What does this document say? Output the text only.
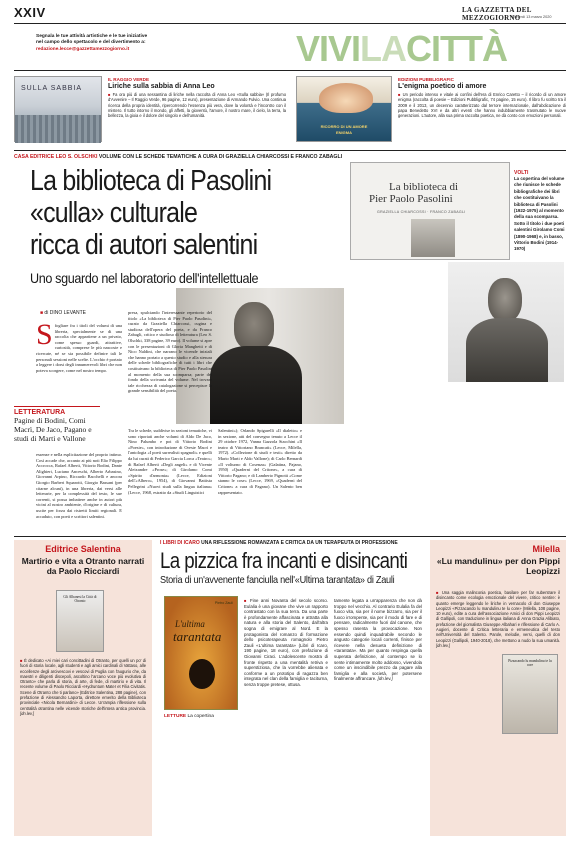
XXIV	LA GAZZETTA DEL MEZZOGIORNO
Venerdì 13 marzo 2020
Segnala le tue attività artistiche e le tue iniziative
nel campo dello spettacolo e del divertimento a:
redazione.lecce@gazzettamezzogiorno.it	VIVILACITTÀ
SULLA SABBIA
IL RAGGIO VERDE
Liriche sulla sabbia di Anna Leo

■ Fa ora più di una sessantina di liriche nella raccolta di Anna Leo «Sulla sabbia» (Il profumo d'Avvenire – Il Raggio Verde, 96 pagine, 12 euro), presentazione di Armando Fulvio. Una continua ricerca della propria identità, ripercorrendo l'essenza più vera, dove la volontà e l'incontro con il mistero. Il tutto intorno il mondo, gli affetti, la gioventù, l'amore, il nostro mare, il cielo, la terra, la bellezza, la gioia e il dolore del singolo e dell'umanità.

RICORRO DI UN AMORE
ENIGMA
EDIZIONI PUBBLIGRAFIC
L'enigma poetico di amore

■ Un periodo intenso e vitale ai confini dell'era di Enrico Caretto – il ricordo di un amore enigma (raccolta di poesie – Edizioni Pubbligrafic, 74 pagine, 15 euro). Il libro fu scritto tra il 2009 e il 2013, un decennio caratterizzato dal terrore internazionale, dall'abdicazione di papa Benedetto XVI e da altri eventi che hanno indubbiamente trasmutato le nuove generazioni. L'autore, alla sua prima raccolta poetica, ne dà conto con emozioni personali.

CASA EDITRICE LEO S. OLSCHKI VOLUME CON LE SCHEDE TEMATICHE A CURA DI GRAZIELLA CHIARCOSSI E FRANCO ZABAGLI
La biblioteca di Pasolini
«culla» culturale
ricca di autori salentini
Uno sguardo nel laboratorio dell'intellettuale
La biblioteca di
Pier Paolo Pasolini
GRAZIELLA CHIARCOSSI · FRANCO ZABAGLI
VOLTI
La copertina del volume che riunisce le schede bibliografiche dei libri che costituivano la biblioteca di Pasolini (1922-1975) al momento della sua scomparsa. Sotto il titolo i due poeti salentini Girolamo Comi (1890-1968) e, in basso, Vittorio Bodini (1914-1970)
■ di DINO LEVANTE
S fogliare fra i titoli del volumi di una libreria, specialmente se di una raccolta che appartiene a un privato, come spesso guardi, attrattive, curiosità, comprese le più nascoste e ricercate, né se sia possibile definire tali le personali sessioni nelle scelte. L'occhio è portato a leggere i dorsi degli innumerevoli libri che non poteva scorgere, come nel nostro tempo.

essenze e nella esplicitazione del proprio intimo. Così accade che, accanto ai più noti Elio Filippo Accrocca, Rafael Alberti, Vittorio Bodini, Dante Alighieri, Luciano Anceschi, Alberto Arbasino, Giovanni Arpino, Riccardo Bacchelli e ancora Giorgio Barberi Squarotti, Giorgio Bassani (per citarne alcuni), in una libreria, dai versi alle letterarie, per la complessità del testo, le sue correnti, si possa imbattere anche in autori più vicini al nostro ambiente, d'origine e di cultura, uscite per forza dai ristretti limiti regionali. E accaduto, con poeti e scrittori salentini.

LETTERATURA
Pagine di Bodini, Comi Macrì, De Jaco, Pagano e studi di Marti e Vallone

presa, spulciando l'interessante repertorio del titolo «La biblioteca di Pier Paolo Pasolini», curato da Graziella Chiarcossi, cugina e studiosa dell'opera del poeta, e da Franco Zabagli, critico e studioso di letteratura (Leo S. Olschki, 338 pagine, 39 euro). Il volume si apre con le presentazioni di Gloria Manghetti e di Nico Naldini, che narrano le vicende iniziali che hanno portato a questo studio e alla stesura delle schede bibliografiche di tutti i libri che costituivano la biblioteca di Pier Paolo Pasolini al momento della sua scomparsa; parte del fondo della scrivania del volume. Nel trovare tale ricchezza di catalogazione si percepisce la grande sensibilità del poeta.

Tra le schede, suddivise in sezioni tematiche, vi sono riportati anche volumi di Aldo De Jaco, Nino Palumbo e poi di Vittorio Bodini «Poesie», con introduzione di Oreste Macrì e l'antologia «I poeti surrealisti spagnoli» e quelli da lui curati di Federico Garcia Lorca «Teatro»; di Rafael Alberti «Degli angeli» e di Vicente Aleixandre «Prose»; di Girolamo Comi «Spirito d'armonia» (Lecce, Edizioni dell'«Albero», 1954), di Giovanni Battista Pellegrini «Nuovi studi sulla lingua italiana» (Lecce, 1968, estratto da «Studi Linguistici

Salentini»); Orlando Spigarelli «Il dialetto» e in sezione, atti del convegno tenuto a Lecce il 29 ottobre 1972, Vanna Gazzola Stacchini «Il teatro di Vittoriano Brancati» (Lecce, Milella, 1972). «Collezione di studi e testi» diretto da Mario Marti e Aldo Vallone); di Carlo Bernardi «Il volturno di Cosenza» (Galatina, Pajano, 1950) «Quaderni del Critone», a cura di Vittorio Pagano; e di Lamberto Pignotti «Come stanno le cose» (Lecce, 1969, «Quaderni del Critone» a cura di Pagano). Un Salento ben rappresentato.

Editrice Salentina
Martirio e vita a Otranto narrati da Paolo Ricciardi
Gli Albanesi la Città di Otranto

■ È dedicato «Ai miei cari concittadini di Otranto, per quelli un po' di fuori di storia locale, agli studenti e agli amici cardinali di Vattaso, alle eccellenze degli arcivescovi e vescovi di Puglia con l'augurio che, da maestri e diligenti discepoli, ascoltino l'arcano voce più evolutiva di Otranto» che parla di storia, di arte, di fede, di martirio e di vita. Il recente volume di Paolo Ricciardi «Hydruntum Mater et Filia Civitatis. Scene di Otranto che ti parlano» (Editrice Salentina, 288 pagine), con prefazione di Alessandro Laporta, direttore emerito della Biblioteca provinciale «Nicola Bernardini» di Lecce. Un'ampia riflessione sulla centralità otrantina nelle vicende storiche dell'intera antica provincia. [dn.lev.]

I LIBRI DI ICARO UNA RIFLESSIONE ROMANZATA E CRITICA DA UN TERAPEUTA DI PROFESSIONE
La pizzica fra incanti e disincanti
Storia di un'avvenente fanciulla nell'«Ultima tarantata» di Zauli
Pietro Zauli
L'ultima
tarantata
LETTURE La copertina

■ Fine anni Novanta del secolo scorso. Eulalia è una giovane che vive un rapporto contrastato con la sua terra. Da una parte è profondamente affascinata e attratta alla natura e alla storia del Salento, dall'altra sogna di emigrare al Nord. E la protagonista del romanzo di formazione dello psicoterapeuta romagnolo Pietro Zauli «L'ultima tarantata» (Libri di Icaro, 190 pagine, 18 euro), con prefazione di Giovanni Ciraci. L'adolescente mostra di fronte rispetto a una mentalità retriva e superstiziosa, che la vorrebbe alienata e conforme a un prototipo di ragazza ben integrata nel clan della famiglia e taciturna, senza troppe pretese, ottusa.

tamente legata a un'apparenza che non dà troppo nel vecchio. Al contrario Eulalia fa del fuoco vita, sia per il nome bizzarro, sia per il fuoco irrompente, sia per il modo di fare e di pensare, radicalmente fuori dal canone, che spesso rasenta la provocazione. Non essendo quindi inquadrabile secondo le angusto categorie locali correnti, finisce per ricevere nella desueta definizione di «tarantata». Ma per quanto respinga quella superata definizione, al contempo se lo sente intimamente molto addosso, vivendola come un inscindibile prezzo da pagare alla famiglia e alla società, per potersene finalmente affrancare. [dn.lev.]

Milella
«Lu mandulinu» per don Pippi Leopizzi

■ Una saggia malinconia poetica, basilare per far subentrare il disincanto come ecologia emozionale del vivere, critico sentire: è quanto emerge leggendo le liriche in vernacolo di don Giuseppe Leopizzi «Pizzacando lu mandulinu te lu core» (Milella, 108 pagine, 10 euro), edite a cura dell'associazione Amici di don Pippi Leopizzi di Gallipoli, con traduzione in lingua italiana di Anna Grazia Alibiato, prefazione del giornalista Giuseppe Albahari e riflessione di Carlo A. Augieri, docente di Critica letteraria e ermeneutica del testo nell'Università del Salento. Parole, melodie, versi, quelli di don Leopizzi (Gallipoli, 1940-2018), che mettono a nudo la sua umanità. [dn.lev.]

Pizzacando lu mandulinu te lu core
